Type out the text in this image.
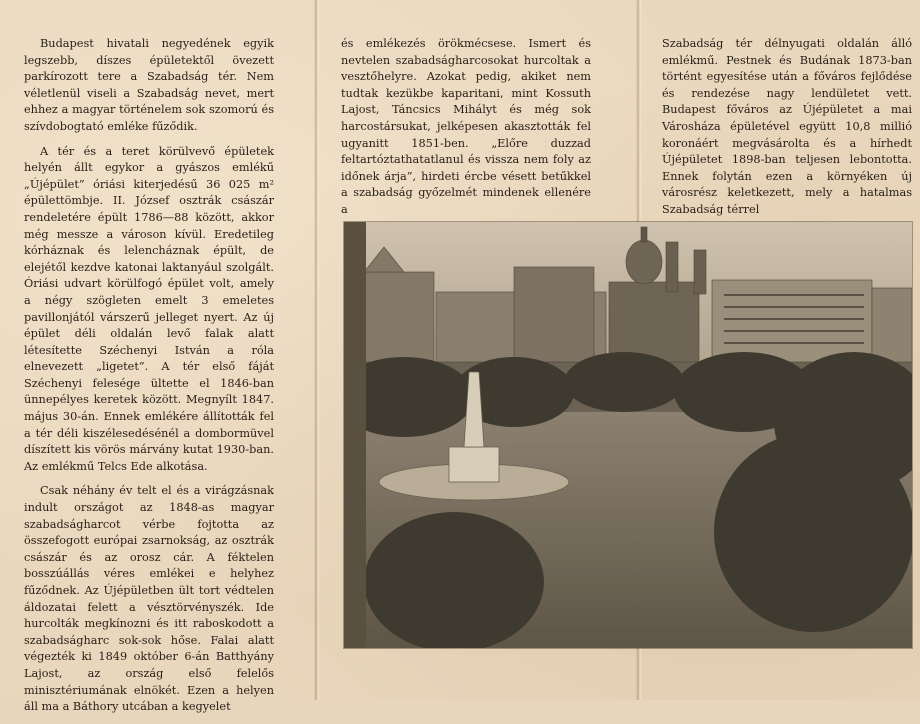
Budapest hivatali negyedének egyik legszebb, díszes épületektől övezett parkírozott tere a Szabadság tér. Nem véletlenül viseli a Szabadság nevet, mert ehhez a magyar történelem sok szomorú és szívdobogtató emléke fűződik.

A tér és a teret körülvevő épületek helyén állt egykor a gyászos emlékű „Újépület” óriási kiterjedésű 36 025 m² épülettömbje. II. József osztrák császár rendeletére épült 1786—88 között, akkor még messze a városon kívül. Eredetileg kórháznak és lelencháznak épült, de elejétől kezdve katonai laktanyául szolgált. Óriási udvart körülfogó épület volt, amely a négy szögleten emelt 3 emeletes pavillonjától várszerű jelleget nyert. Az új épület déli oldalán levő falak alatt létesítette Széchenyi István a róla elnevezett „ligetet”. A tér első fáját Széchenyi felesége ültette el 1846-ban ünnepélyes keretek között. Megnyílt 1847. május 30-án. Ennek emlékére állították fel a tér déli kiszélesedésénél a dombormüvel díszített kis vörös márvány kutat 1930-ban. Az emlékmű Telcs Ede alkotása.

Csak néhány év telt el és a virágzásnak indult országot az 1848-as magyar szabadságharcot vérbe fojtotta az összefogott európai zsarnokság, az osztrák császár és az orosz cár. A féktelen bosszúállás véres emlékei e helyhez fűződnek. Az Újépületben ült tort védtelen áldozatai felett a vésztörvényszék. Ide hurcolták megkínozni és itt raboskodott a szabadságharc sok-sok hőse. Falai alatt végezték ki 1849 október 6-án Batthyány Lajost, az ország első felelős minisztériumának elnökét. Ezen a helyen áll ma a Báthory utcában a kegyelet

és emlékezés örökmécsese. Ismert és nevtelen szabadságharcosokat hurcoltak a vesztőhelyre. Azokat pedig, akiket nem tudtak kezükbe kaparitani, mint Kossuth Lajost, Táncsics Mihályt és még sok harcostársukat, jelképesen akasztották fel ugyanitt 1851-ben. „Előre duzzad feltartóztathatatlanul és vissza nem foly az időnek árja”, hirdeti ércbe vésett betűkkel a szabadság győzelmét mindenek ellenére a

Szabadság tér délnyugati oldalán álló emlékmű. Pestnek és Budának 1873-ban történt egyesítése után a főváros fejlődése és rendezése nagy lendületet vett. Budapest főváros az Újépületet a mai Városháza épületével együtt 10,8 millió koronáért megvásárolta és a hírhedt Újépületet 1898-ban teljesen lebontotta. Ennek folytán ezen a környéken új városrész keletkezett, mely a hatalmas Szabadság térrel
